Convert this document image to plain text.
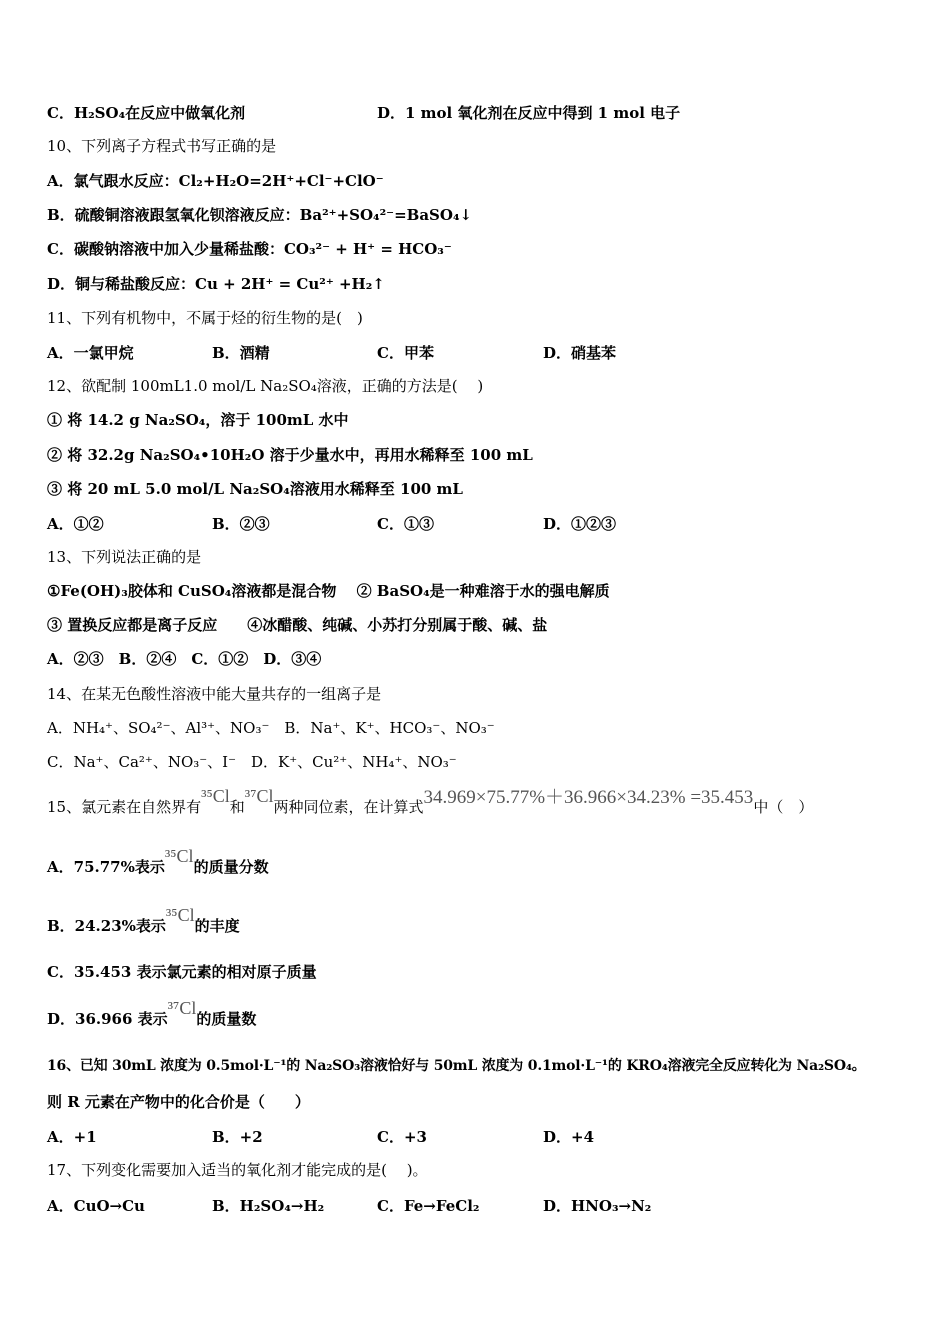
C．H₂SO₄在反应中做氧化剂	D．1 mol 氧化剂在反应中得到 1 mol 电子
10、下列离子方程式书写正确的是
A．氯气跟水反应：Cl₂+H₂O=2H⁺+Cl⁻+ClO⁻
B．硫酸铜溶液跟氢氧化钡溶液反应：Ba²⁺+SO₄²⁻=BaSO₄↓
C．碳酸钠溶液中加入少量稀盐酸：CO₃²⁻ + H⁺ = HCO₃⁻
D．铜与稀盐酸反应：Cu + 2H⁺ = Cu²⁺ +H₂↑
11、下列有机物中，不属于烃的衍生物的是(　)
A．一氯甲烷	B．酒精	C．甲苯	D．硝基苯
12、欲配制 100mL1.0 mol/L Na₂SO₄溶液，正确的方法是(　 )
① 将 14.2 g Na₂SO₄，溶于 100mL 水中
② 将 32.2g Na₂SO₄•10H₂O 溶于少量水中，再用水稀释至 100 mL
③ 将 20 mL 5.0 mol/L Na₂SO₄溶液用水稀释至 100 mL
A．①②	B．②③	C．①③	D．①②③
13、下列说法正确的是
①Fe(OH)₃胶体和 CuSO₄溶液都是混合物　 ② BaSO₄是一种难溶于水的强电解质
③ 置换反应都是离子反应　　④冰醋酸、纯碱、小苏打分别属于酸、碱、盐
A．②③　B．②④　C．①②　D．③④
14、在某无色酸性溶液中能大量共存的一组离子是
A．NH₄⁺、SO₄²⁻、Al³⁺、NO₃⁻　B．Na⁺、K⁺、HCO₃⁻、NO₃⁻
C．Na⁺、Ca²⁺、NO₃⁻、I⁻　D．K⁺、Cu²⁺、NH₄⁺、NO₃⁻
15、氯元素在自然界有³⁵Cl和³⁷Cl两种同位素，在计算式34.969×75.77%＋36.966×34.23% =35.453中（　）
A．75.77%表示³⁵Cl的质量分数
B．24.23%表示³⁵Cl的丰度
C．35.453 表示氯元素的相对原子质量
D．36.966 表示³⁷Cl的质量数
16、已知 30mL 浓度为 0.5mol·L⁻¹的 Na₂SO₃溶液恰好与 50mL 浓度为 0.1mol·L⁻¹的 KRO₄溶液完全反应转化为 Na₂SO₄。
则 R 元素在产物中的化合价是（　　）
A．+1	B．+2	C．+3	D．+4
17、下列变化需要加入适当的氧化剂才能完成的是(　 )。
A．CuO→Cu	B．H₂SO₄→H₂	C．Fe→FeCl₂	D．HNO₃→N₂
